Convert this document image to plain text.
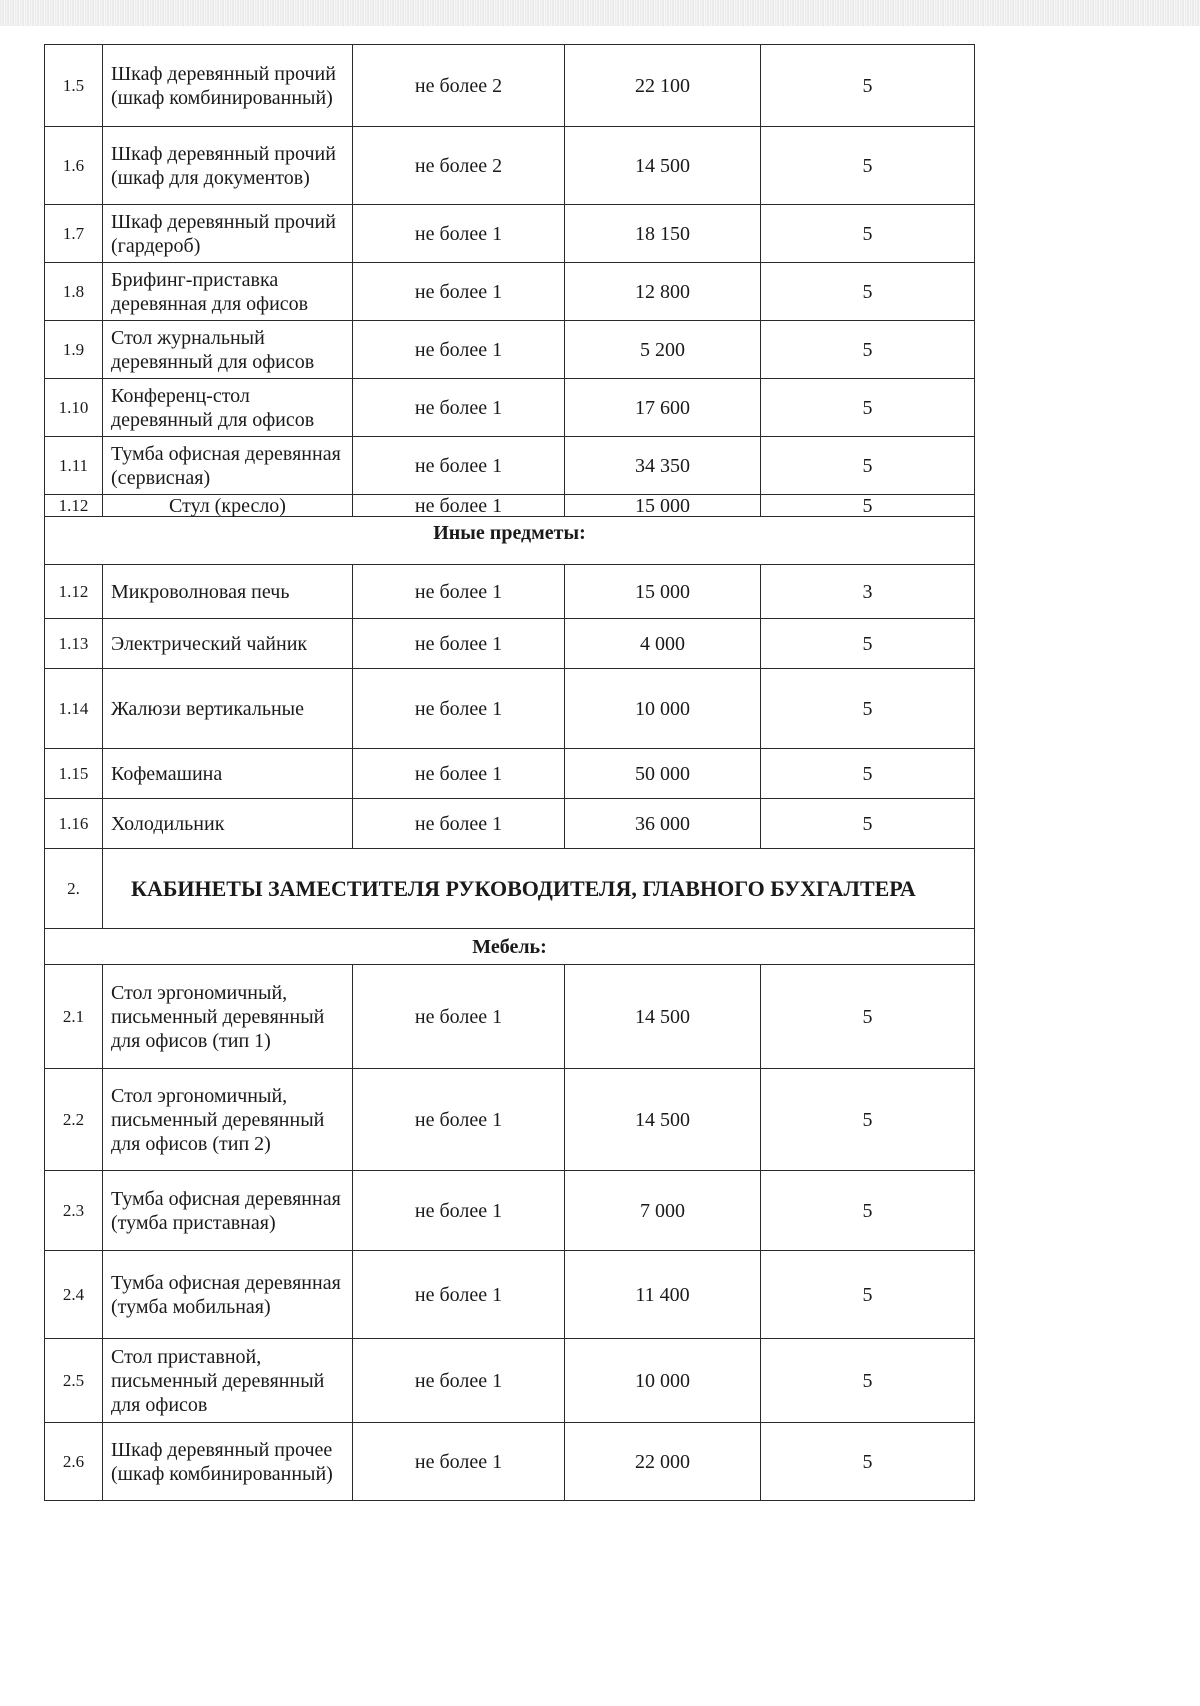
1.5	Шкаф деревянный прочий (шкаф комбинированный)	не более 2	22 100	5
1.6	Шкаф деревянный прочий (шкаф для документов)	не более 2	14 500	5
1.7	Шкаф деревянный прочий (гардероб)	не более 1	18 150	5
1.8	Брифинг-приставка деревянная для офисов	не более 1	12 800	5
1.9	Стол журнальный деревянный для офисов	не более 1	5 200	5
1.10	Конференц-стол деревянный для офисов	не более 1	17 600	5
1.11	Тумба офисная деревянная (сервисная)	не более 1	34 350	5
1.12	Стул (кресло)	не более 1	15 000	5
Иные предметы:				
1.12	Микроволновая печь	не более 1	15 000	3
1.13	Электрический чайник	не более 1	4 000	5
1.14	Жалюзи вертикальные	не более 1	10 000	5
1.15	Кофемашина	не более 1	50 000	5
1.16	Холодильник	не более 1	36 000	5
2.	КАБИНЕТЫ ЗАМЕСТИТЕЛЯ РУКОВОДИТЕЛЯ, ГЛАВНОГО БУХГАЛТЕРА			
Мебель:				
2.1	Стол эргономичный, письменный деревянный для офисов (тип 1)	не более 1	14 500	5
2.2	Стол эргономичный, письменный деревянный для офисов (тип 2)	не более 1	14 500	5
2.3	Тумба офисная деревянная (тумба приставная)	не более 1	7 000	5
2.4	Тумба офисная деревянная (тумба мобильная)	не более 1	11 400	5
2.5	Стол приставной, письменный деревянный для офисов	не более 1	10 000	5
2.6	Шкаф деревянный прочее (шкаф комбинированный)	не более 1	22 000	5
